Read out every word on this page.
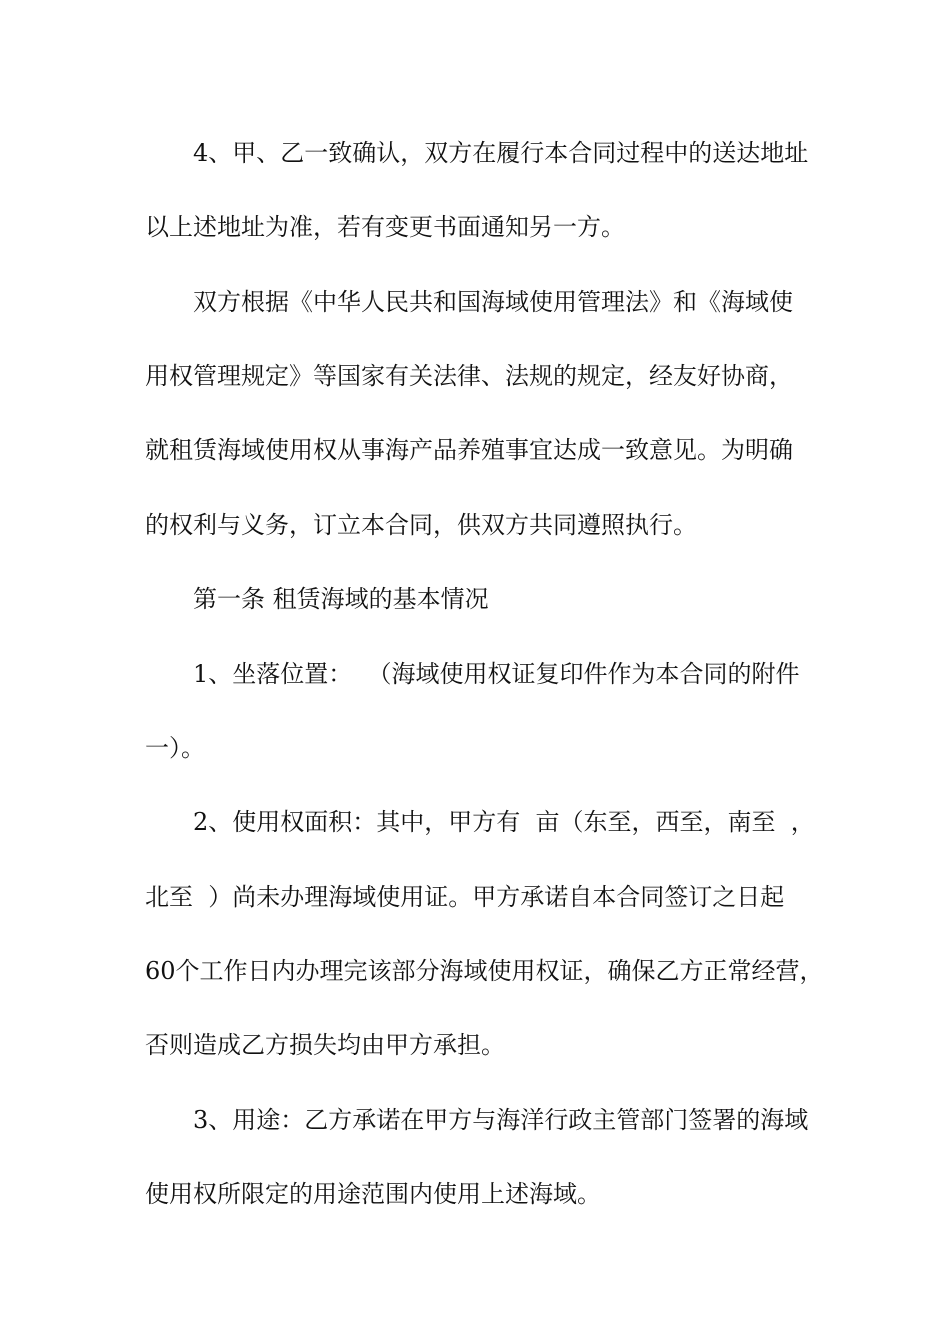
4、甲、乙一致确认，双方在履行本合同过程中的送达地址
以上述地址为准，若有变更书面通知另一方。
双方根据《中华人民共和国海域使用管理法》和《海域使
用权管理规定》等国家有关法律、法规的规定，经友好协商，
就租赁海域使用权从事海产品养殖事宜达成一致意见。为明确
的权利与义务，订立本合同，供双方共同遵照执行。
第一条 租赁海域的基本情况
1、坐落位置：  （海域使用权证复印件作为本合同的附件
一）。
2、使用权面积：其中，甲方有  亩（东至，西至，南至  ，
北至  ）尚未办理海域使用证。甲方承诺自本合同签订之日起
60个工作日内办理完该部分海域使用权证，确保乙方正常经营，
否则造成乙方损失均由甲方承担。
3、用途：乙方承诺在甲方与海洋行政主管部门签署的海域
使用权所限定的用途范围内使用上述海域。
